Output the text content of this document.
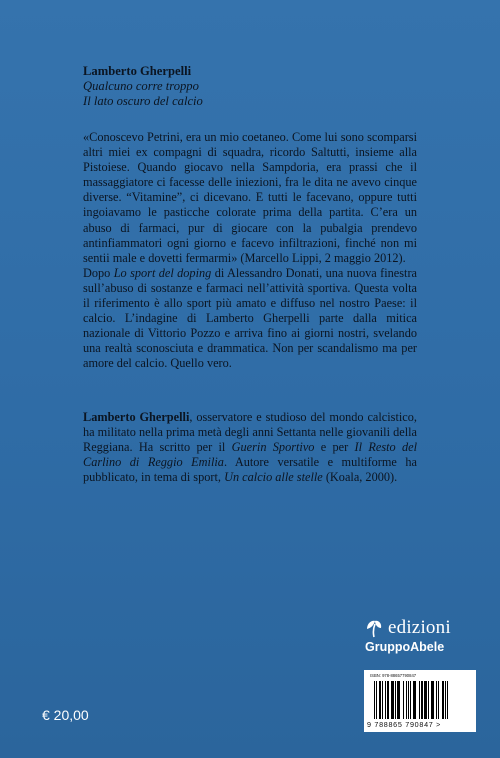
Lamberto Gherpelli
Qualcuno corre troppo
Il lato oscuro del calcio

«Conoscevo Petrini, era un mio coetaneo. Come lui sono scomparsi altri miei ex compagni di squadra, ricordo Saltutti, insieme alla Pistoiese. Quando giocavo nella Sampdoria, era prassi che il massaggiatore ci facesse delle iniezioni, fra le dita ne avevo cinque diverse. “Vitamine”, ci dicevano. E tutti le facevano, oppure tutti ingoiavamo le pasticche colorate prima della partita. C’era un abuso di farmaci, pur di giocare con la pubalgia prendevo antinfiammatori ogni giorno e facevo infiltrazioni, finché non mi sentii male e dovetti fermarmi» (Marcello Lippi, 2 maggio 2012).

Dopo Lo sport del doping di Alessandro Donati, una nuova finestra sull’abuso di sostanze e farmaci nell’attività sportiva. Questa volta il riferimento è allo sport più amato e diffuso nel nostro Paese: il calcio. L’indagine di Lamberto Gherpelli parte dalla mitica nazionale di Vittorio Pozzo e arriva fino ai giorni nostri, svelando una realtà sconosciuta e drammatica. Non per scandalismo ma per amore del calcio. Quello vero.

Lamberto Gherpelli, osservatore e studioso del mondo calcistico, ha militato nella prima metà degli anni Settanta nelle giovanili della Reggiana. Ha scritto per il Guerin Sportivo e per Il Resto del Carlino di Reggio Emilia. Autore versatile e multiforme ha pubblicato, in tema di sport, Un calcio alle stelle (Koala, 2000).

edizioni
GruppoAbele
ISBN: 978-88657790847
9 788865 790847 >
€ 20,00
